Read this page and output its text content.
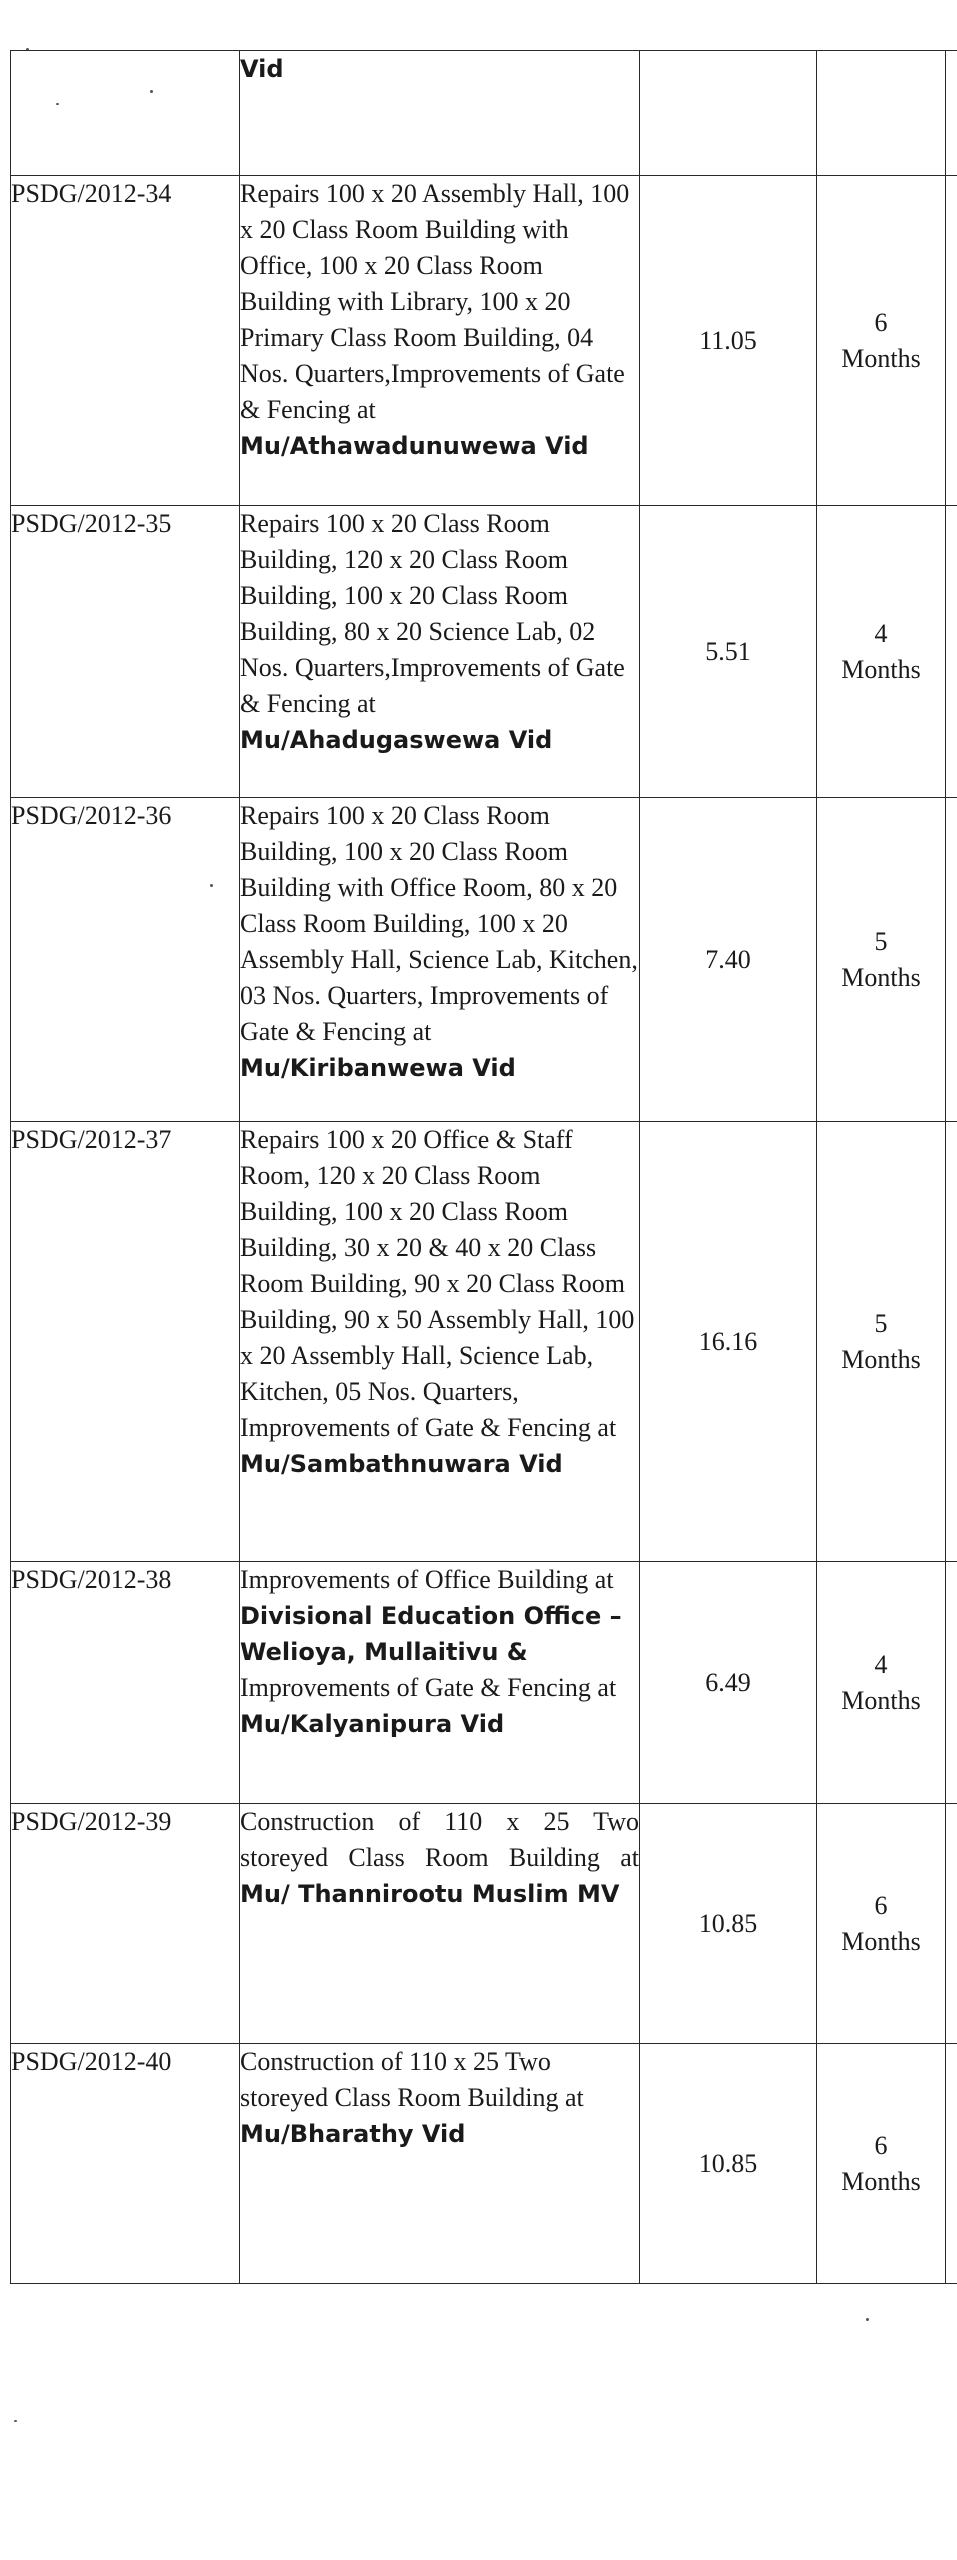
	Vid			
PSDG/2012-34	Repairs 100 x 20 Assembly Hall, 100 x 20 Class Room Building with Office, 100 x 20 Class Room Building with Library, 100 x 20 Primary Class Room Building, 04 Nos. Quarters,Improvements of Gate & Fencing at Mu/Athawadunuwewa Vid	11.05	6
Months	

PSDG/2012-35	Repairs 100 x 20 Class Room Building, 120 x 20 Class Room Building, 100 x 20 Class Room Building, 80 x 20 Science Lab, 02 Nos. Quarters,Improvements of Gate & Fencing at Mu/Ahadugaswewa Vid	5.51	4
Months	

PSDG/2012-36	Repairs 100 x 20 Class Room Building, 100 x 20 Class Room Building with Office Room, 80 x 20 Class Room Building, 100 x 20 Assembly Hall, Science Lab, Kitchen, 03 Nos. Quarters, Improvements of Gate & Fencing at Mu/Kiribanwewa Vid	7.40	5
Months	

PSDG/2012-37	Repairs 100 x 20 Office & Staff Room, 120 x 20 Class Room Building, 100 x 20 Class Room Building, 30 x 20 & 40 x 20 Class Room Building, 90 x 20 Class Room Building, 90 x 50 Assembly Hall, 100 x 20 Assembly Hall, Science Lab, Kitchen, 05 Nos. Quarters, Improvements of Gate & Fencing at Mu/Sambathnuwara Vid	16.16	5
Months	

PSDG/2012-38	Improvements of Office Building at Divisional Education Office – Welioya, Mullaitivu & Improvements of Gate & Fencing at Mu/Kalyanipura Vid	6.49	4
Months	

PSDG/2012-39	Construction of 110 x 25 Two storeyed Class Room Building at Mu/ Thannirootu Muslim MV	10.85	6
Months	

PSDG/2012-40	Construction of 110 x 25 Two storeyed Class Room Building at Mu/Bharathy Vid	10.85	6
Months	
